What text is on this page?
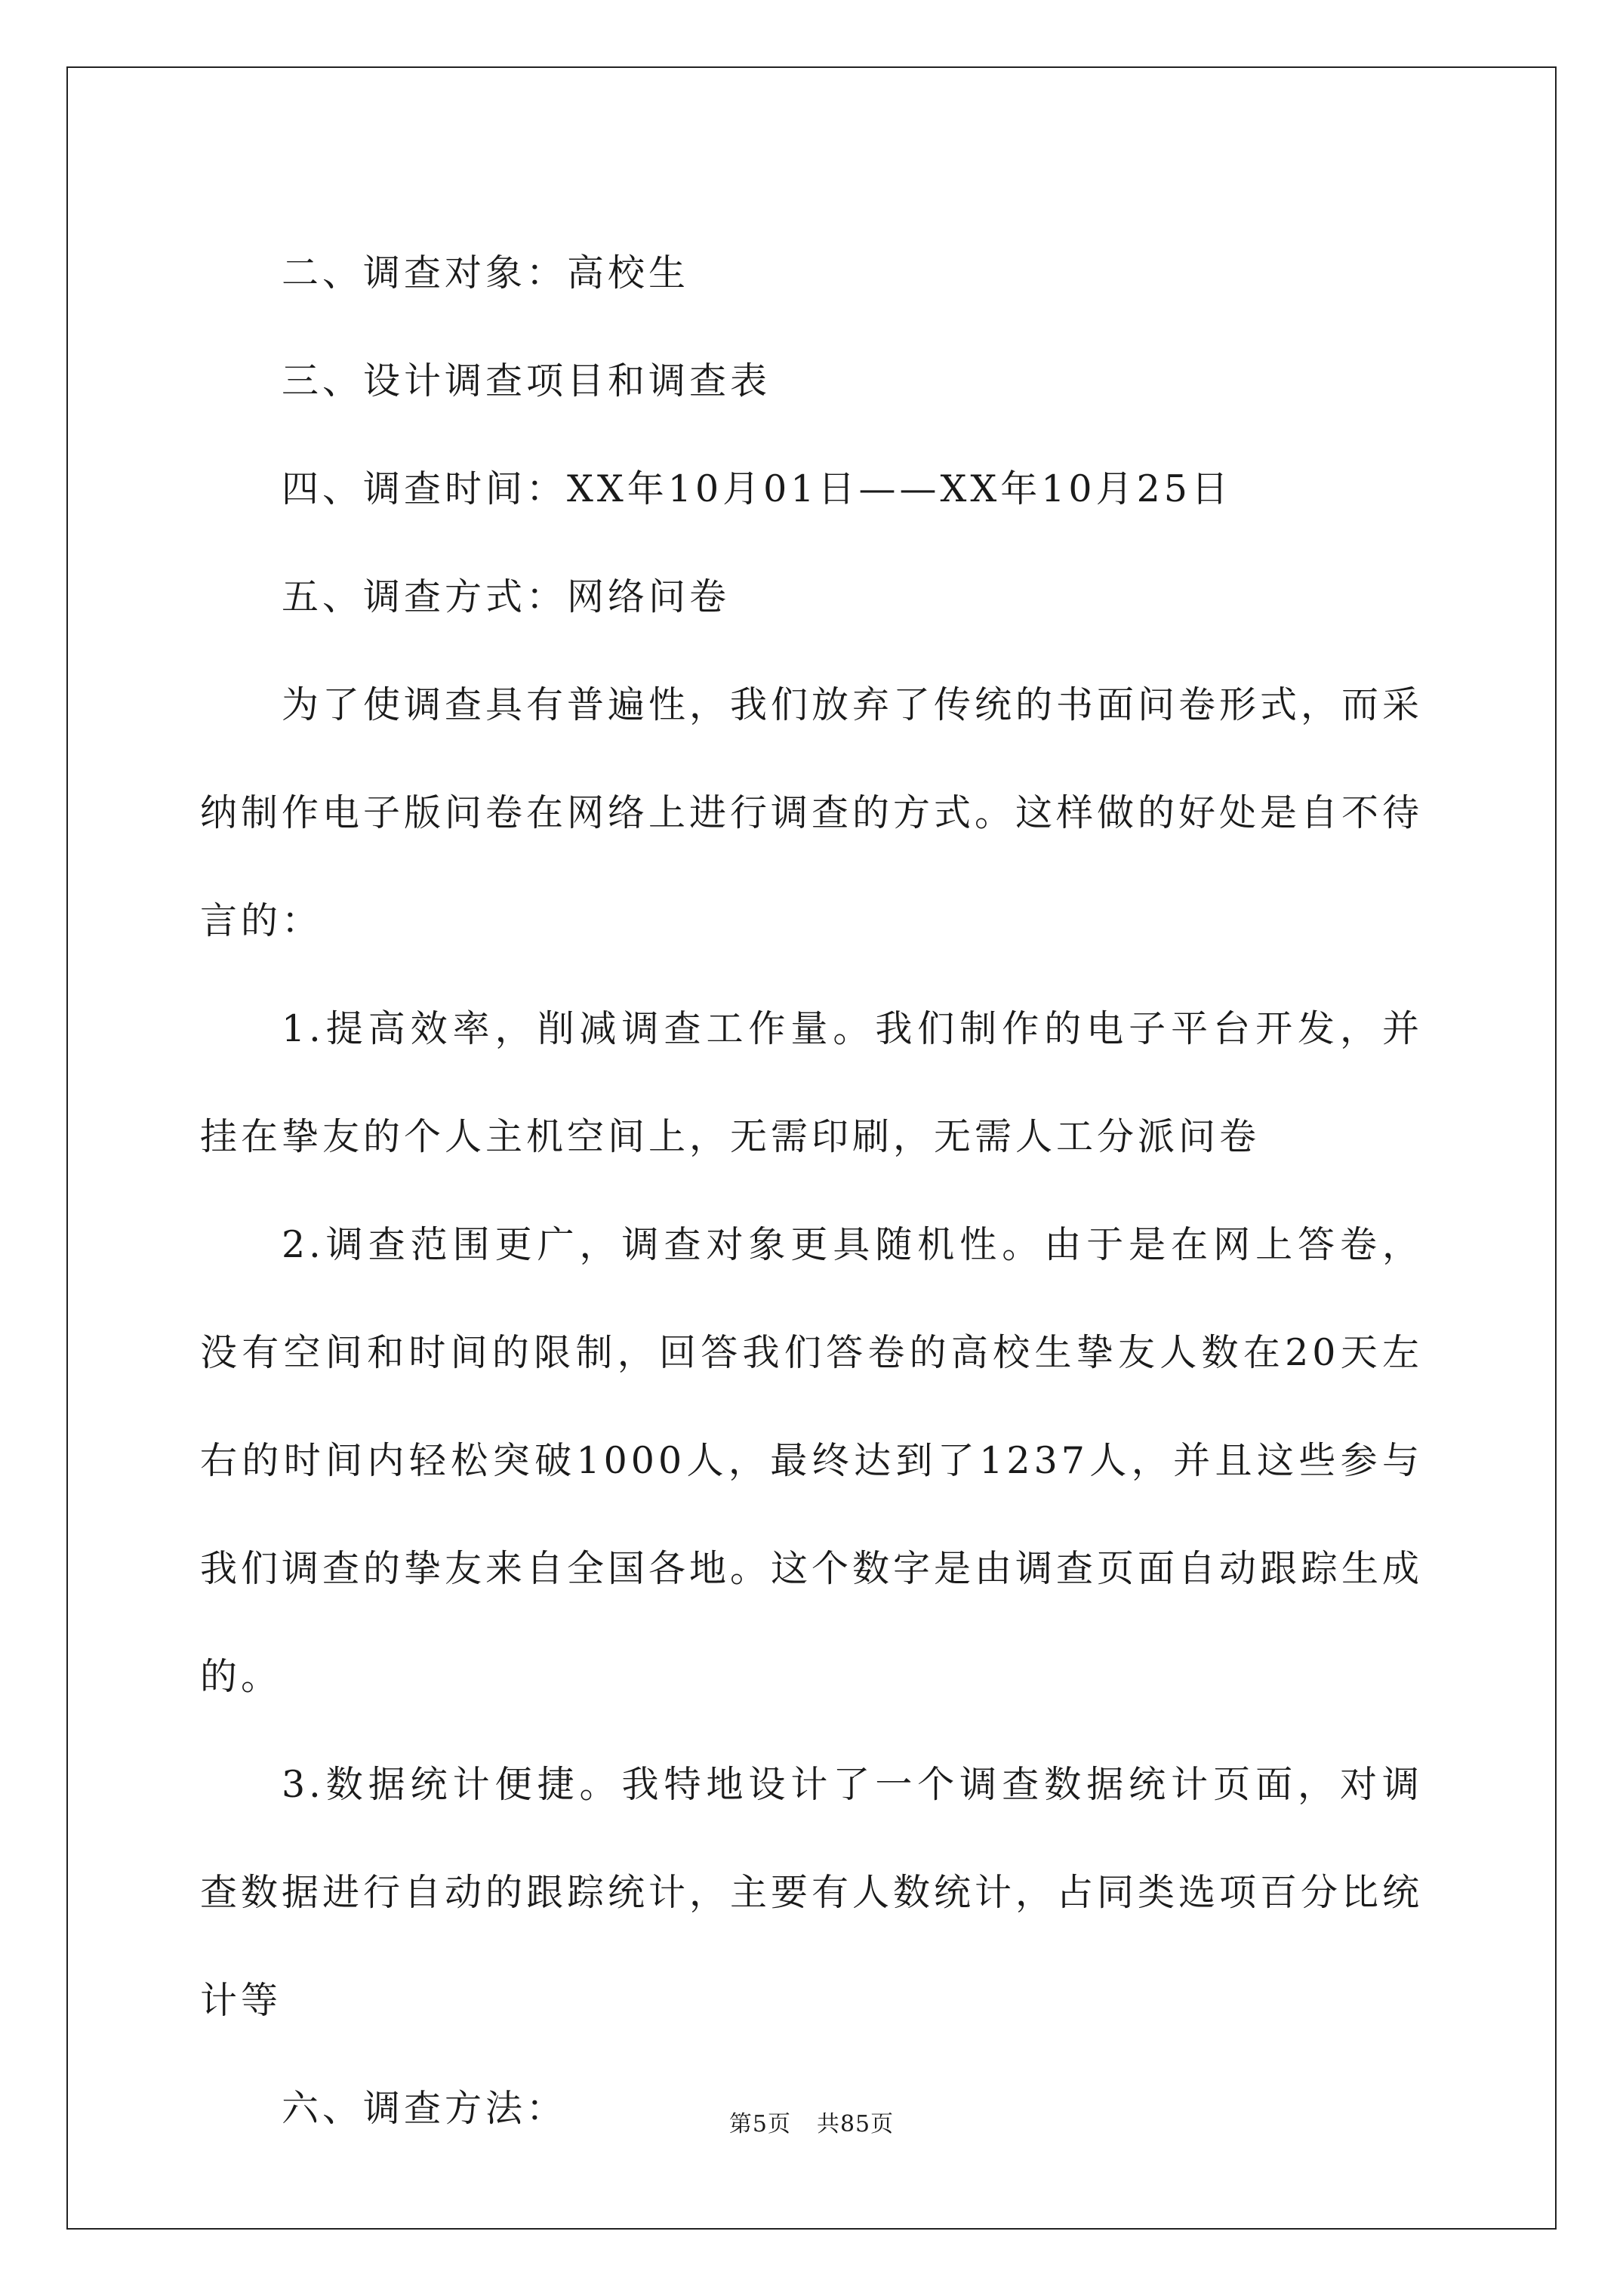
二、调查对象：高校生

三、设计调查项目和调查表

四、调查时间：XX年10月01日——XX年10月25日

五、调查方式：网络问卷

为了使调查具有普遍性，我们放弃了传统的书面问卷形式，而采纳制作电子版问卷在网络上进行调查的方式。这样做的好处是自不待言的：

1.提高效率，削减调查工作量。我们制作的电子平台开发，并挂在挚友的个人主机空间上，无需印刷，无需人工分派问卷

2.调查范围更广，调查对象更具随机性。由于是在网上答卷，没有空间和时间的限制，回答我们答卷的高校生挚友人数在20天左右的时间内轻松突破1000人，最终达到了1237人，并且这些参与我们调查的挚友来自全国各地。这个数字是由调查页面自动跟踪生成的。

3.数据统计便捷。我特地设计了一个调查数据统计页面，对调查数据进行自动的跟踪统计，主要有人数统计，占同类选项百分比统计等

六、调查方法：	第5页 共85页
